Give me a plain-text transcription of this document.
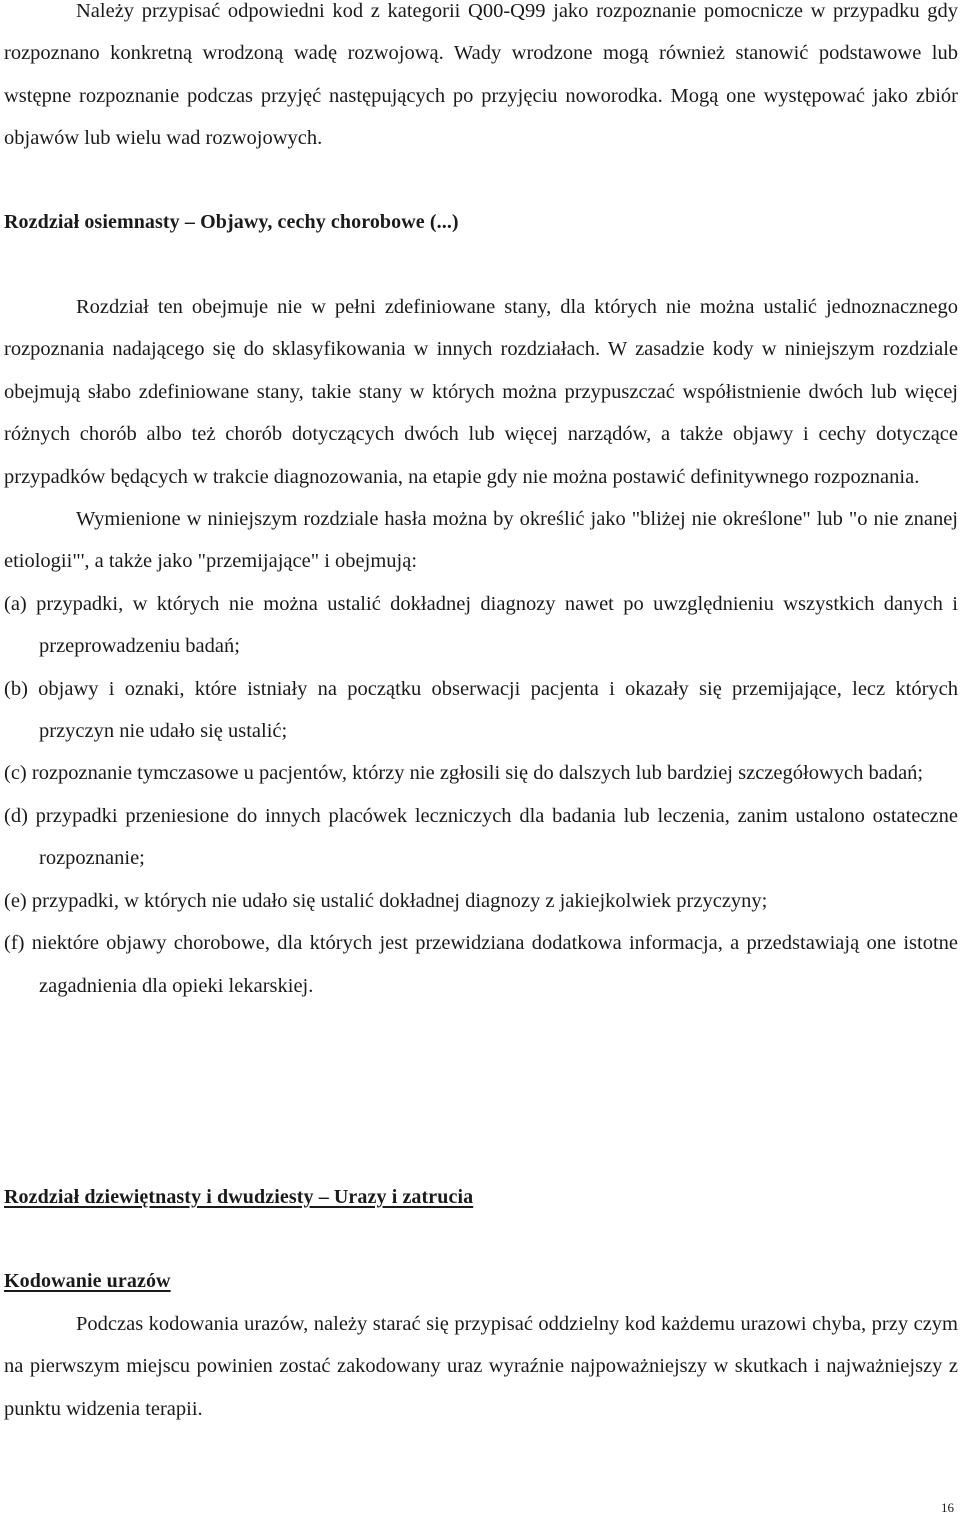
Należy przypisać odpowiedni kod z kategorii Q00-Q99 jako rozpoznanie pomocnicze w przypadku gdy rozpoznano konkretną wrodzoną wadę rozwojową. Wady wrodzone mogą również stanowić podstawowe lub wstępne rozpoznanie podczas przyjęć następujących po przyjęciu noworodka. Mogą one występować jako zbiór objawów lub wielu wad rozwojowych.

Rozdział osiemnasty – Objawy, cechy chorobowe (...)

Rozdział ten obejmuje nie w pełni zdefiniowane stany, dla których nie można ustalić jednoznacznego rozpoznania nadającego się do sklasyfikowania w innych rozdziałach. W zasadzie kody w niniejszym rozdziale obejmują słabo zdefiniowane stany, takie stany w których można przypuszczać współistnienie dwóch lub więcej różnych chorób albo też chorób dotyczących dwóch lub więcej narządów, a także objawy i cechy dotyczące przypadków będących w trakcie diagnozowania, na etapie gdy nie można postawić definitywnego rozpoznania.

Wymienione w niniejszym rozdziale hasła można by określić jako "bliżej nie określone" lub "o nie znanej etiologii"', a także jako "przemijające" i obejmują:

(a) przypadki, w których nie można ustalić dokładnej diagnozy nawet po uwzględnieniu wszystkich danych i przeprowadzeniu badań;
(b) objawy i oznaki, które istniały na początku obserwacji pacjenta i okazały się przemijające, lecz których przyczyn nie udało się ustalić;
(c) rozpoznanie tymczasowe u pacjentów, którzy nie zgłosili się do dalszych lub bardziej szczegółowych badań;
(d) przypadki przeniesione do innych placówek leczniczych dla badania lub leczenia, zanim ustalono ostateczne rozpoznanie;
(e) przypadki, w których nie udało się ustalić dokładnej diagnozy z jakiejkolwiek przyczyny;
(f) niektóre objawy chorobowe, dla których jest przewidziana dodatkowa informacja, a przedstawiają one istotne zagadnienia dla opieki lekarskiej.
Rozdział dziewiętnasty i dwudziesty – Urazy i zatrucia
Kodowanie urazów

Podczas kodowania urazów, należy starać się przypisać oddzielny kod każdemu urazowi chyba, przy czym na pierwszym miejscu powinien zostać zakodowany uraz wyraźnie najpoważniejszy w skutkach i najważniejszy z punktu widzenia terapii.

16
